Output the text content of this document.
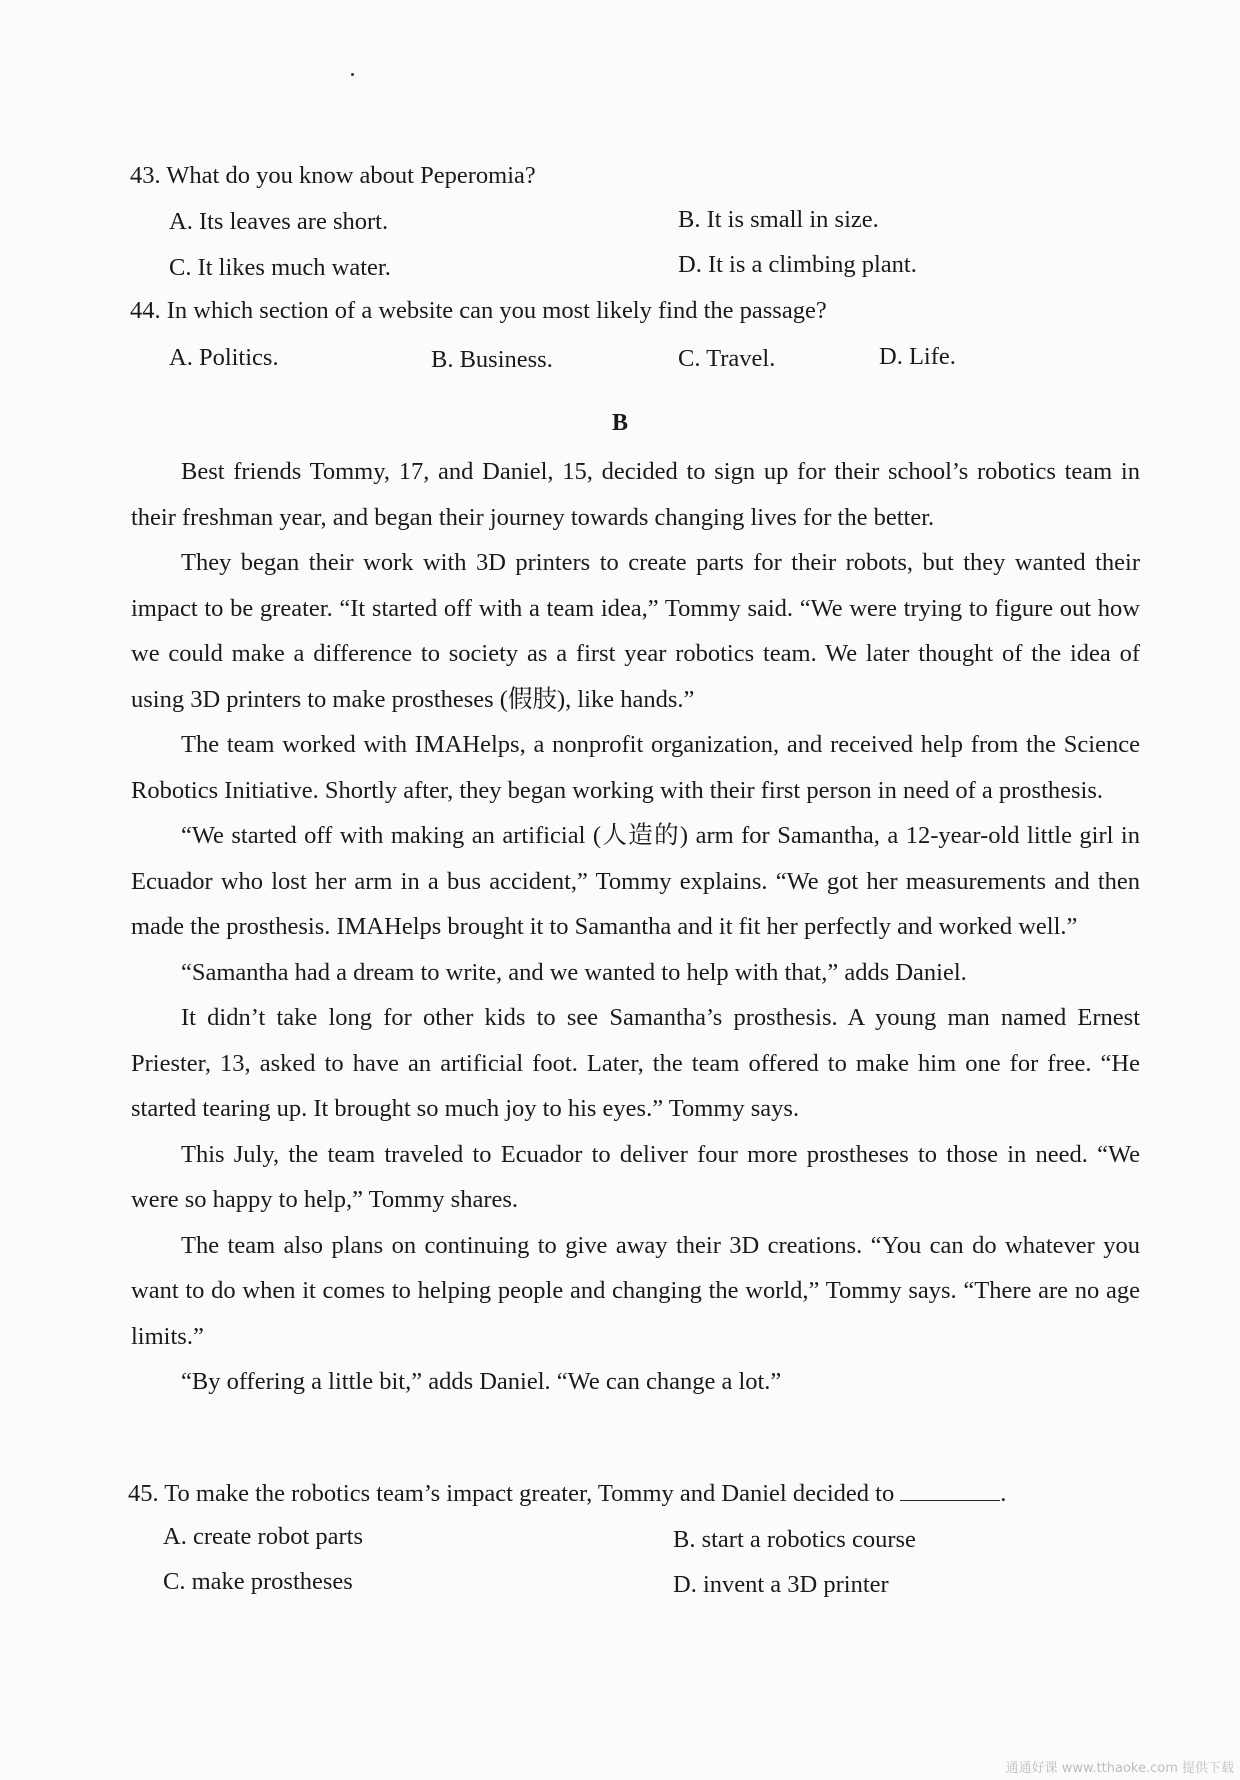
43. What do you know about Peperomia?
A. Its leaves are short.	B. It is small in size.
C. It likes much water.	D. It is a climbing plant.
44. In which section of a website can you most likely find the passage?
A. Politics.	B. Business.	C. Travel.	D. Life.
B

Best friends Tommy, 17, and Daniel, 15, decided to sign up for their school’s robotics team in their freshman year, and began their journey towards changing lives for the better.

They began their work with 3D printers to create parts for their robots, but they wanted their impact to be greater. “It started off with a team idea,” Tommy said. “We were trying to figure out how we could make a difference to society as a first year robotics team. We later thought of the idea of using 3D printers to make prostheses (假肢), like hands.”

The team worked with IMAHelps, a nonprofit organization, and received help from the Science Robotics Initiative. Shortly after, they began working with their first person in need of a prosthesis.

“We started off with making an artificial (人造的) arm for Samantha, a 12-year-old little girl in Ecuador who lost her arm in a bus accident,” Tommy explains. “We got her measurements and then made the prosthesis. IMAHelps brought it to Samantha and it fit her perfectly and worked well.”

“Samantha had a dream to write, and we wanted to help with that,” adds Daniel.

It didn’t take long for other kids to see Samantha’s prosthesis. A young man named Ernest Priester, 13, asked to have an artificial foot. Later, the team offered to make him one for free. “He started tearing up. It brought so much joy to his eyes.” Tommy says.

This July, the team traveled to Ecuador to deliver four more prostheses to those in need. “We were so happy to help,” Tommy shares.

The team also plans on continuing to give away their 3D creations. “You can do whatever you want to do when it comes to helping people and changing the world,” Tommy says. “There are no age limits.”

“By offering a little bit,” adds Daniel. “We can change a lot.”

45. To make the robotics team’s impact greater, Tommy and Daniel decided to	.
A. create robot parts	B. start a robotics course
C. make prostheses	D. invent a 3D printer
通通好课 www.tthaoke.com 提供下载
